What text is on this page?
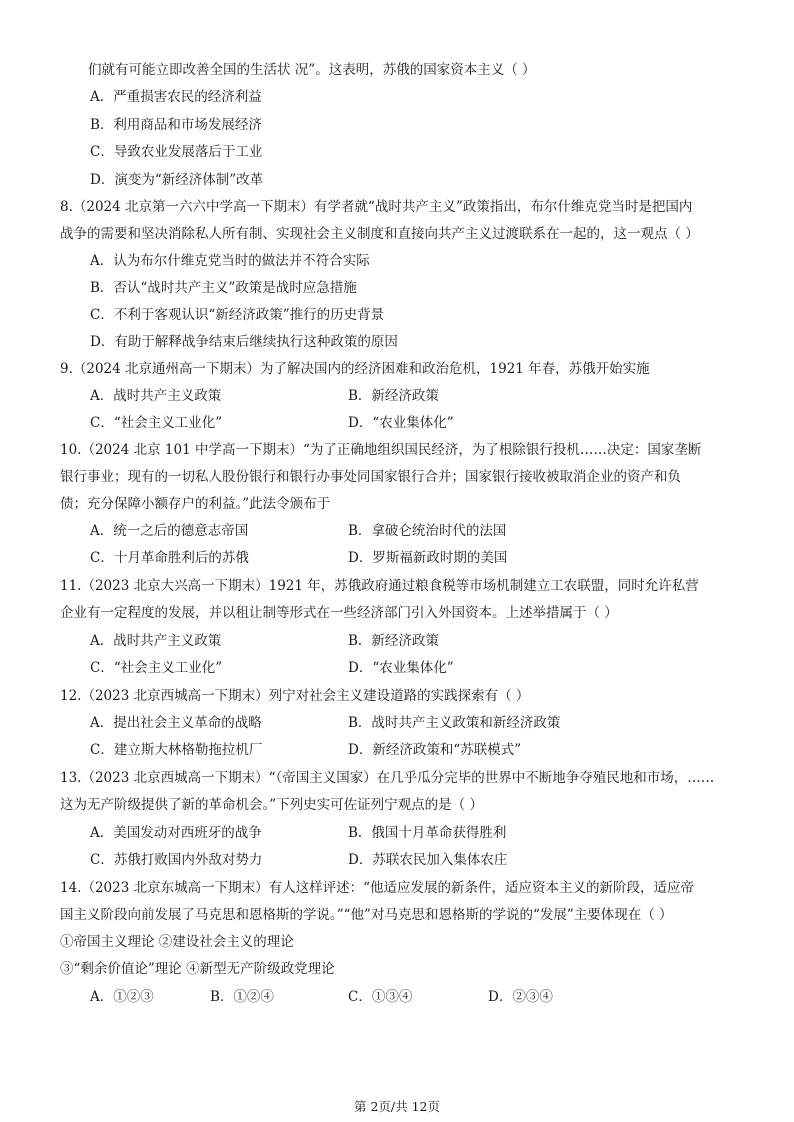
们就有可能立即改善全国的生活状 况”。这表明，苏俄的国家资本主义（ ）
A．严重损害农民的经济利益
B．利用商品和市场发展经济
C．导致农业发展落后于工业
D．演变为“新经济体制”改革
8.（2024 北京第一六六中学高一下期末）有学者就“战时共产主义”政策指出，布尔什维克党当时是把国内
战争的需要和坚决消除私人所有制、实现社会主义制度和直接向共产主义过渡联系在一起的，这一观点（ ）
A．认为布尔什维克党当时的做法并不符合实际
B．否认“战时共产主义”政策是战时应急措施
C．不利于客观认识“新经济政策”推行的历史背景
D．有助于解释战争结束后继续执行这种政策的原因
9.（2024 北京通州高一下期末）为了解决国内的经济困难和政治危机，1921 年春，苏俄开始实施
A．战时共产主义政策	B．新经济政策
C．“社会主义工业化”	D．“农业集体化”
10.（2024 北京 101 中学高一下期末）“为了正确地组织国民经济，为了根除银行投机……决定：国家垄断
银行事业；现有的一切私人股份银行和银行办事处同国家银行合并；国家银行接收被取消企业的资产和负
债；充分保障小额存户的利益。”此法令颁布于
A．统一之后的德意志帝国	B．拿破仑统治时代的法国
C．十月革命胜利后的苏俄	D．罗斯福新政时期的美国
11.（2023 北京大兴高一下期末）1921 年，苏俄政府通过粮食税等市场机制建立工农联盟，同时允许私营
企业有一定程度的发展，并以租让制等形式在一些经济部门引入外国资本。上述举措属于（ ）
A．战时共产主义政策	B．新经济政策
C．“社会主义工业化”	D．“农业集体化”
12.（2023 北京西城高一下期末）列宁对社会主义建设道路的实践探索有（ ）
A．提出社会主义革命的战略	B．战时共产主义政策和新经济政策
C．建立斯大林格勒拖拉机厂	D．新经济政策和“苏联模式”
13.（2023 北京西城高一下期末）“（帝国主义国家）在几乎瓜分完毕的世界中不断地争夺殖民地和市场，……
这为无产阶级提供了新的革命机会。”下列史实可佐证列宁观点的是（ ）
A．美国发动对西班牙的战争	B．俄国十月革命获得胜利
C．苏俄打败国内外敌对势力	D．苏联农民加入集体农庄
14.（2023 北京东城高一下期末）有人这样评述：“他适应发展的新条件，适应资本主义的新阶段，适应帝
国主义阶段向前发展了马克思和恩格斯的学说。”“他”对马克思和恩格斯的学说的“发展”主要体现在（ ）
①帝国主义理论 ②建设社会主义的理论
③“剩余价值论”理论 ④新型无产阶级政党理论
A．①②③	B．①②④	C．①③④	D．②③④
第 2页/共 12页
